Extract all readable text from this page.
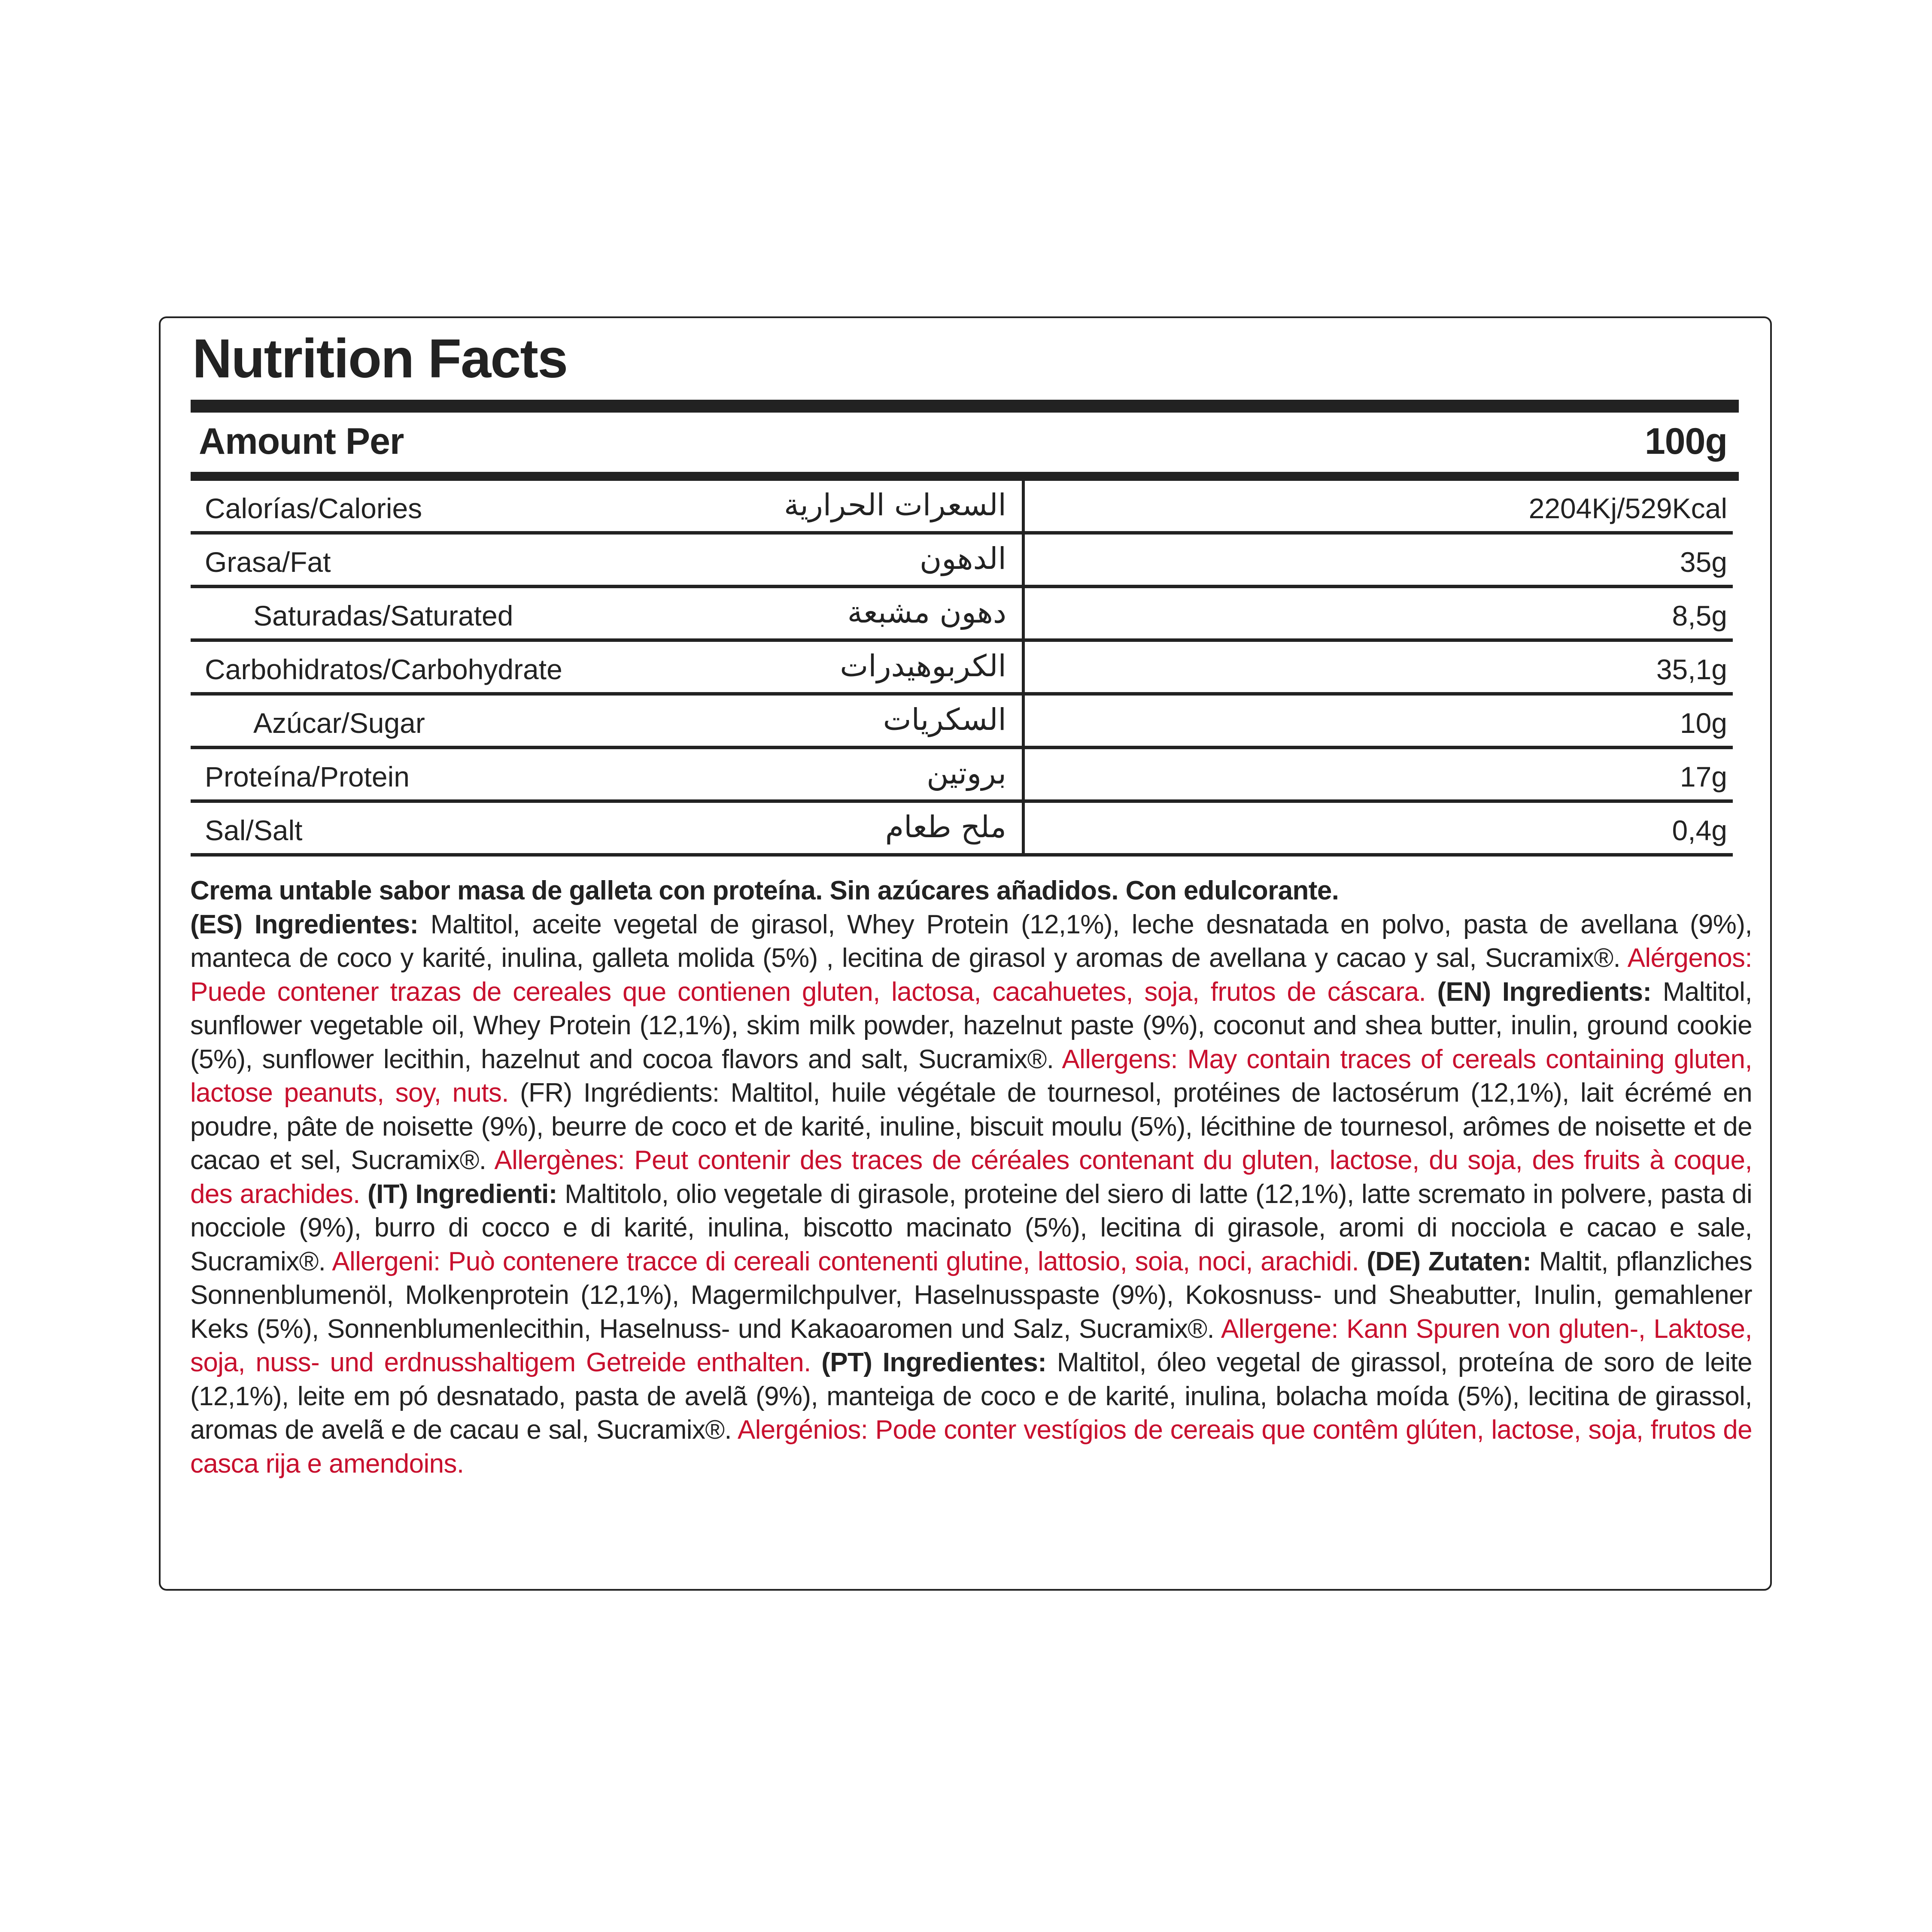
Nutrition Facts
Amount Per	100g
Calorías/Calories	السعرات الحرارية	2204Kj/529Kcal
Grasa/Fat	الدهون	35g
Saturadas/Saturated	دهون مشبعة	8,5g
Carbohidratos/Carbohydrate	الكربوهيدرات	35,1g
Azúcar/Sugar	السكريات	10g
Proteína/Protein	بروتين	17g
Sal/Salt	ملح طعام	0,4g
Crema untable sabor masa de galleta con proteína. Sin azúcares añadidos. Con edulcorante.
(ES) Ingredientes: Maltitol, aceite vegetal de girasol, Whey Protein (12,1%), leche desnatada en polvo, pasta de avellana (9%), manteca de coco y karité, inulina, galleta molida (5%) , lecitina de girasol y aromas de avellana y cacao y sal, Sucramix®. Alérgenos: Puede contener trazas de cereales que contienen gluten, lactosa, cacahuetes, soja, frutos de cáscara. (EN) Ingredients: Maltitol, sunflower vegetable oil, Whey Protein (12,1%), skim milk powder, hazelnut paste (9%), coconut and shea butter, inulin, ground cookie (5%), sunflower lecithin, hazelnut and cocoa flavors and salt, Sucramix®. Allergens: May contain traces of cereals containing gluten, lactose peanuts, soy, nuts. (FR) Ingrédients: Maltitol, huile végétale de tournesol, protéines de lactosérum (12,1%), lait écrémé en poudre, pâte de noisette (9%), beurre de coco et de karité, inuline, biscuit moulu (5%), lécithine de tournesol, arômes de noisette et de cacao et sel, Sucramix®. Allergènes: Peut contenir des traces de céréales contenant du gluten, lactose, du soja, des fruits à coque, des arachides. (IT) Ingredienti: Maltitolo, olio vegetale di girasole, proteine del siero di latte (12,1%), latte scremato in polvere, pasta di nocciole (9%), burro di cocco e di karité, inulina, biscotto macinato (5%), lecitina di girasole, aromi di nocciola e cacao e sale, Sucramix®. Allergeni: Può contenere tracce di cereali contenenti glutine, lattosio, soia, noci, arachidi. (DE) Zutaten: Maltit, pflanzliches Sonnenblumenöl, Molkenprotein (12,1%), Magermilchpulver, Haselnusspaste (9%), Kokosnuss- und Sheabutter, Inulin, gemahlener Keks (5%), Sonnenblumenlecithin, Haselnuss- und Kakaoaromen und Salz, Sucramix®. Allergene: Kann Spuren von gluten-, Laktose, soja, nuss- und erdnusshaltigem Getreide enthalten. (PT) Ingredientes: Maltitol, óleo vegetal de girassol, proteína de soro de leite (12,1%), leite em pó desnatado, pasta de avelã (9%), manteiga de coco e de karité, inulina, bolacha moída (5%), lecitina de girassol, aromas de avelã e de cacau e sal, Sucramix®. Alergénios: Pode conter vestígios de cereais que contêm glúten, lactose, soja, frutos de casca rija e amendoins.
